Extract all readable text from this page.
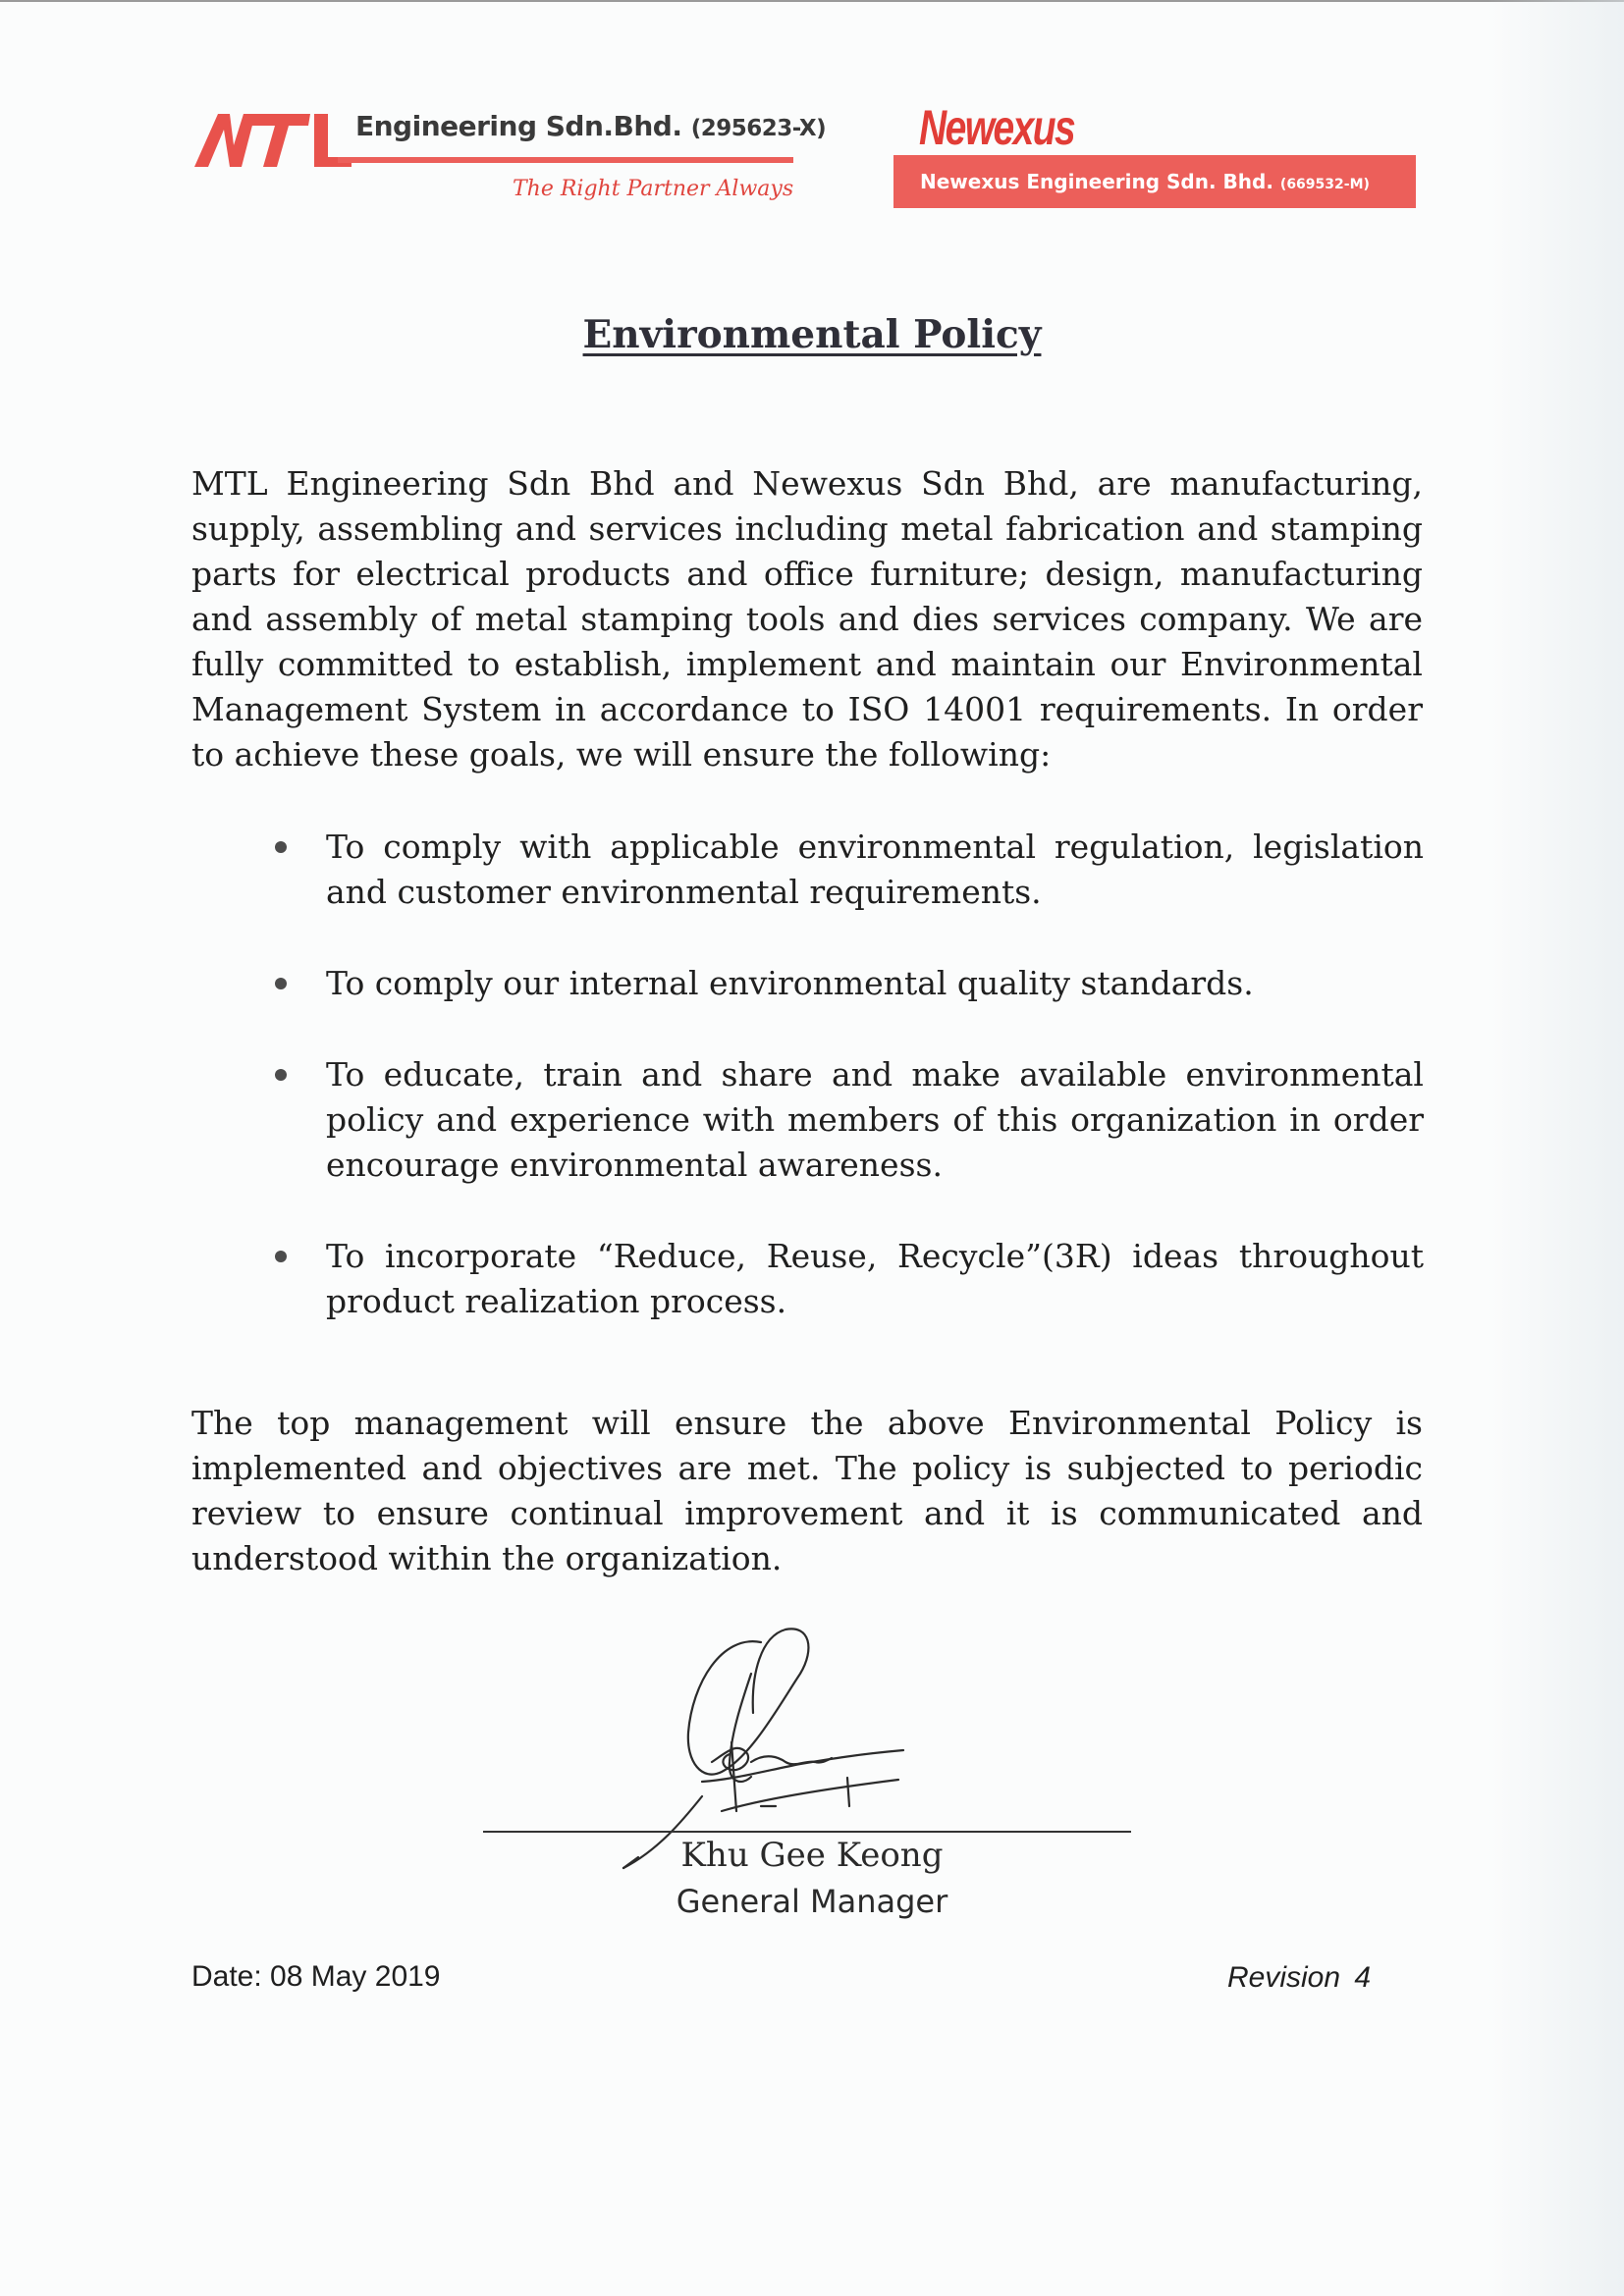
Engineering Sdn.Bhd. (295623-X)
The Right Partner Always
Newexus
Newexus Engineering Sdn. Bhd. (669532-M)
Environmental Policy

MTL Engineering Sdn Bhd and Newexus Sdn Bhd, are manufacturing, supply, assembling and services including metal fabrication and stamping parts for electrical products and office furniture; design, manufacturing and assembly of metal stamping tools and dies services company. We are fully committed to establish, implement and maintain our Environmental Management System in accordance to ISO 14001 requirements. In order to achieve these goals, we will ensure the following:

To comply with applicable environmental regulation, legislation and customer environmental requirements.
To comply our internal environmental quality standards.
To educate, train and share and make available environmental policy and experience with members of this organization in order encourage environmental awareness.
To incorporate “Reduce, Reuse, Recycle”(3R) ideas throughout product realization process.

The top management will ensure the above Environmental Policy is implemented and objectives are met. The policy is subjected to periodic review to ensure continual improvement and it is communicated and understood within the organization.

Khu Gee Keong
General Manager
Date: 08 May 2019	Revision 4
